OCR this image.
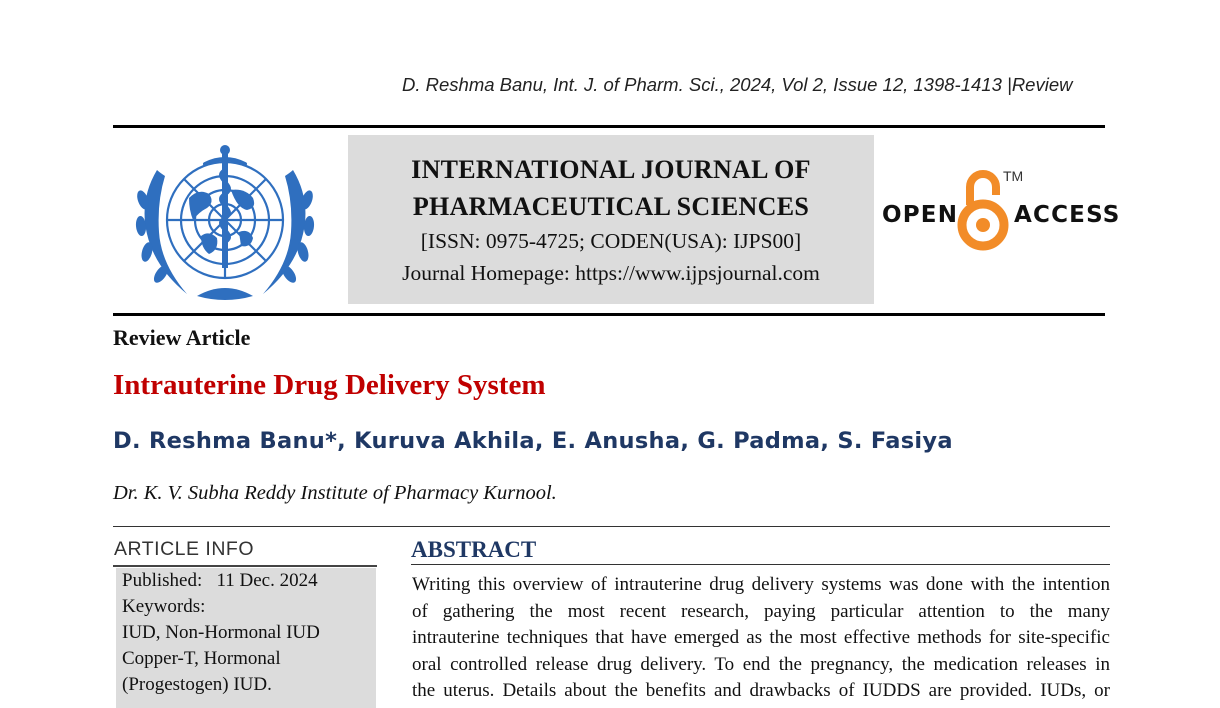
D. Reshma Banu, Int. J. of Pharm. Sci., 2024, Vol 2, Issue 12, 1398-1413 |Review
INTERNATIONAL JOURNAL OF
PHARMACEUTICAL SCIENCES
[ISSN: 0975-4725; CODEN(USA): IJPS00]
Journal Homepage: https://www.ijpsjournal.com
OPEN
TM
ACCESS
Review Article
Intrauterine Drug Delivery System
D. Reshma Banu*, Kuruva Akhila, E. Anusha, G. Padma, S. Fasiya
Dr. K. V. Subha Reddy Institute of Pharmacy Kurnool.
ARTICLE INFO
Published: 11 Dec. 2024
Keywords:
IUD, Non-Hormonal IUD
Copper-T, Hormonal
(Progestogen) IUD.
ABSTRACT
Writing this overview of intrauterine drug delivery systems was done with the intention
of gathering the most recent research, paying particular attention to the many
intrauterine techniques that have emerged as the most effective methods for site-specific
oral controlled release drug delivery. To end the pregnancy, the medication releases in
the uterus. Details about the benefits and drawbacks of IUDDS are provided. IUDs, or
